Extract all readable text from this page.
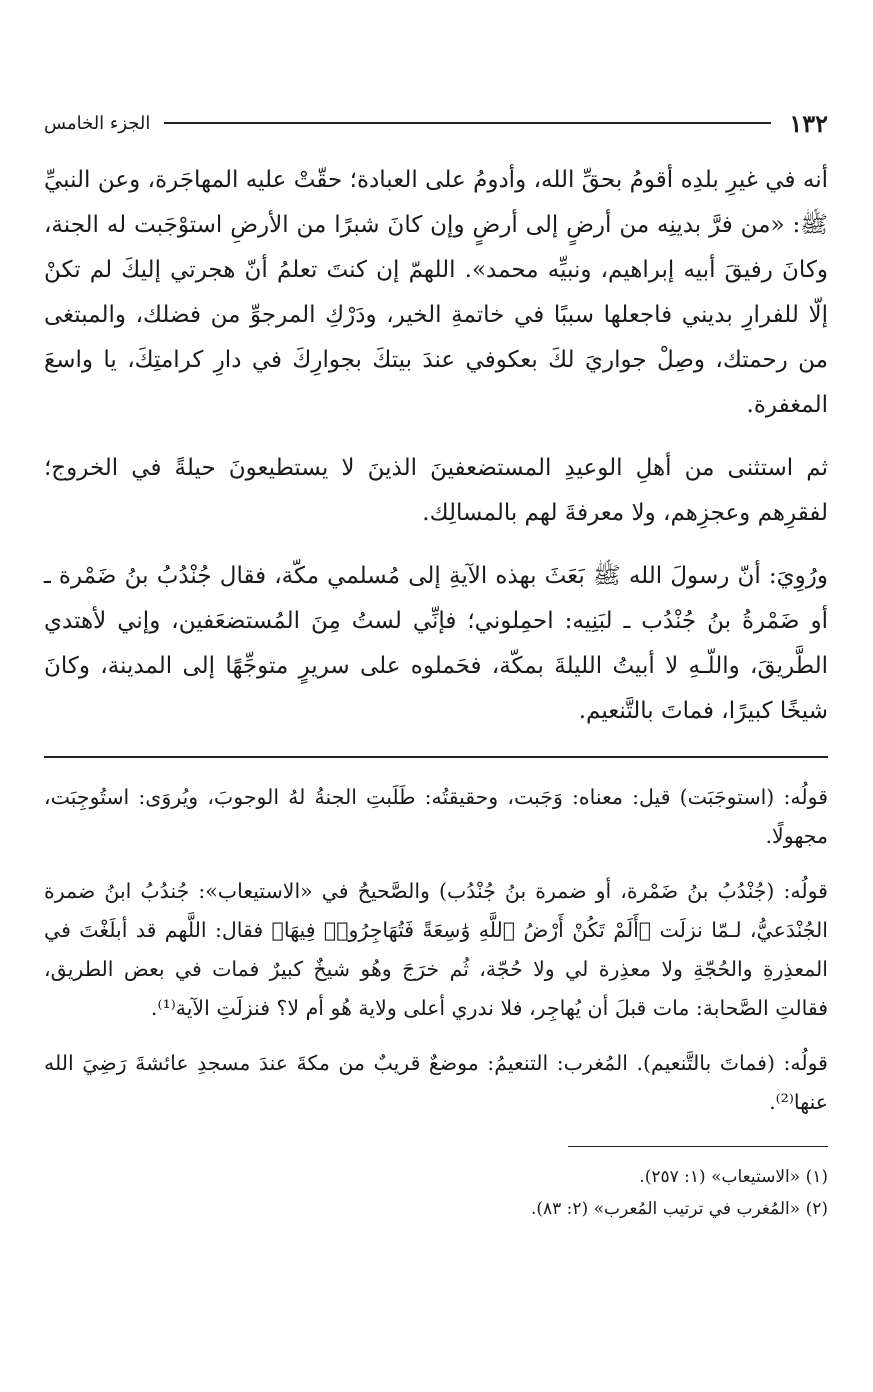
١٣٢
الجزء الخامس

أنه في غيرِ بلدِه أقومُ بحقِّ الله، وأدومُ على العبادة؛ حقّتْ عليه المهاجَرة، وعن النبيِّ ﷺ: «من فرَّ بدينِه من أرضٍ إلى أرضٍ وإن كانَ شبرًا من الأرضِ استوْجَبت له الجنة، وكانَ رفيقَ أبيه إبراهيم، ونبيِّه محمد». اللهمّ إن كنتَ تعلمُ أنّ هجرتي إليكَ لم تكنْ إلّا للفرارِ بديني فاجعلها سببًا في خاتمةِ الخير، ودَرْكِ المرجوِّ من فضلك، والمبتغى من رحمتك، وصِلْ جواريَ لكَ بعكوفي عندَ بيتكَ بجوارِكَ في دارِ كرامتِكَ، يا واسعَ المغفرة.

ثم استثنى من أهلِ الوعيدِ المستضعفينَ الذينَ لا يستطيعونَ حيلةً في الخروج؛ لفقرِهم وعجزِهم، ولا معرفةَ لهم بالمسالِك.

ورُوِيَ: أنّ رسولَ الله ﷺ بَعَثَ بهذه الآيةِ إلى مُسلمي مكّة، فقال جُنْدُبُ بنُ ضَمْرة ـ أو ضَمْرةُ بنُ جُنْدُب ـ لبَنِيه: احمِلوني؛ فإنِّي لستُ مِنَ المُستضعَفين، وإني لأهتدي الطَّريقَ، واللّـهِ لا أبيتُ الليلةَ بمكّة، فحَملوه على سريرٍ متوجِّهًا إلى المدينة، وكانَ شيخًا كبيرًا، فماتَ بالتَّنعيم.

قولُه: (استوجَبَت) قيل: معناه: وَجَبت، وحقيقتُه: طَلَبتِ الجنةُ لهُ الوجوبَ، ويُروَى: استُوجِبَت، مجهولًا.

قولُه: (جُنْدُبُ بنُ ضَمْرة، أو ضمرة بنُ جُنْدُب) والصَّحيحُ في «الاستيعاب»: جُندُبُ ابنُ ضمرة الجُنْدَعيُّ، لـمّا نزلَت ﴿أَلَمْ تَكُنْ أَرْضُ ٱللَّهِ وَٰسِعَةً فَتُهَاجِرُوا۟ فِيهَا﴾ فقال: اللَّهم قد أبلَغْتَ في المعذِرةِ والحُجّةِ ولا معذِرة لي ولا حُجّة، ثُم خرَجَ وهُو شيخٌ كبيرٌ فمات في بعض الطريق، فقالتِ الصَّحابة: مات قبلَ أن يُهاجِر، فلا ندري أعلى ولاية هُو أم لا؟ فنزلَتِ الآية⁽¹⁾.

قولُه: (فماتَ بالتَّنعيم). المُغرب: التنعيمُ: موضعٌ قريبٌ من مكةَ عندَ مسجدِ عائشةَ رَضِيَ الله عنها⁽²⁾.

(١) «الاستيعاب» (١: ٢٥٧).
(٢) «المُغرب في ترتيب المُعرب» (٢: ٨٣).
